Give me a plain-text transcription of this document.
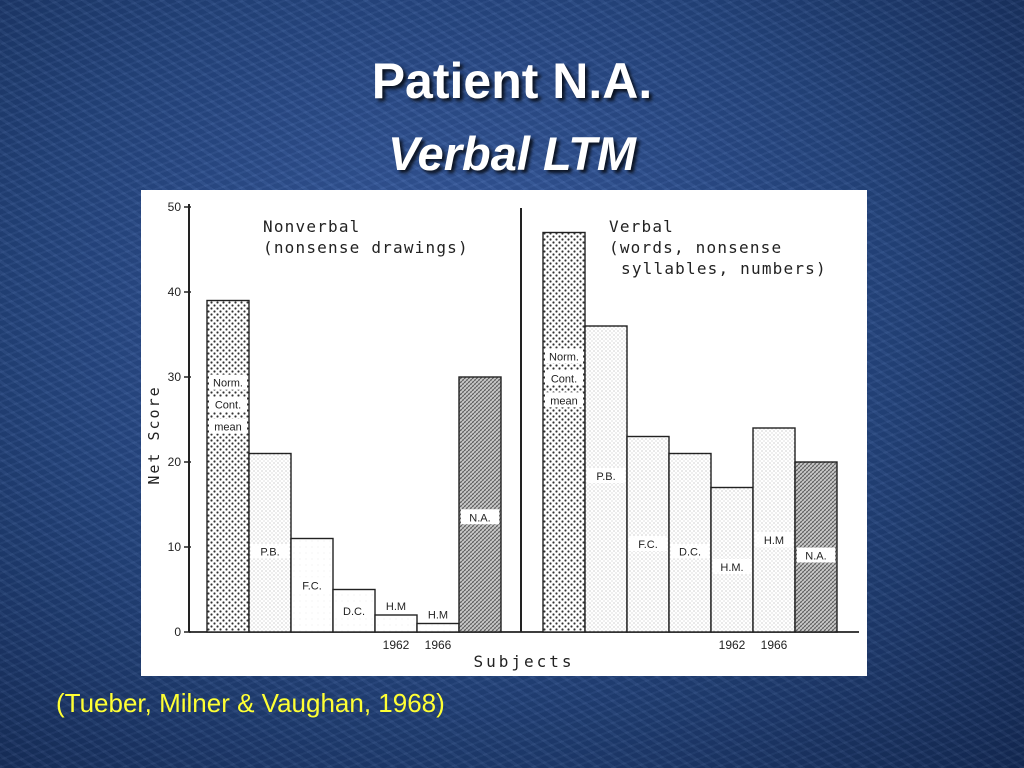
Patient N.A.
Verbal LTM
0
10
20
30
40
50
Net Score
Subjects
Nonverbal
(nonsense drawings)
Verbal
(words, nonsense
syllables, numbers)
Norm.
Cont.
mean
P.B.
F.C.
D.C. H.M
1962
H.M
1966
N.A.
Norm.
Cont.
mean
P.B.
F.C.
D.C.
H.M.
1962
H.M
1966
N.A.

(Tueber, Milner & Vaughan, 1968)
